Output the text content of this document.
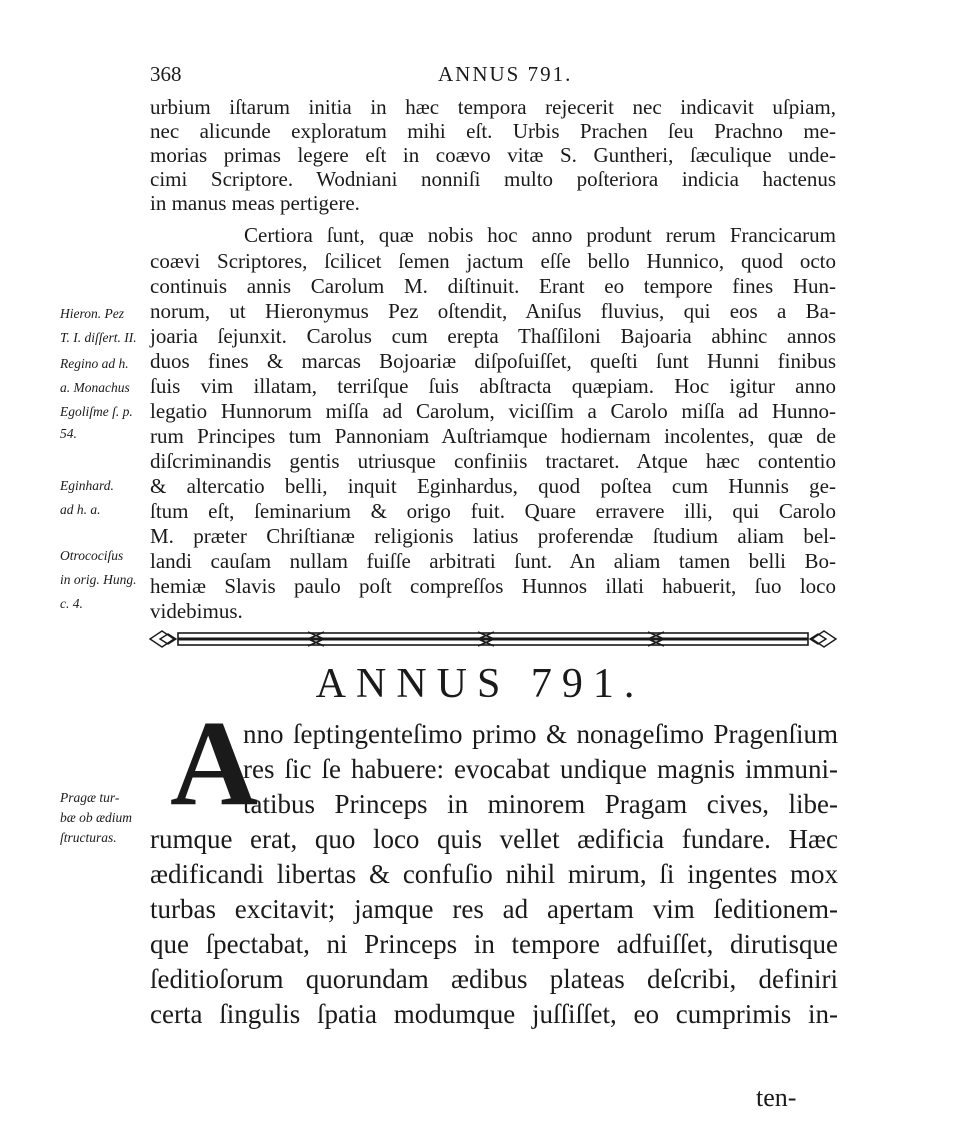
368	ANNUS 791.
urbium iſtarum initia in hæc tempora rejecerit nec indicavit uſpiam,
nec alicunde exploratum mihi eſt. Urbis Prachen ſeu Prachno me-
morias primas legere eſt in coævo vitæ S. Guntheri, ſæculique unde-
cimi Scriptore. Wodniani nonniſi multo poſteriora indicia hactenus
in manus meas pertigere.
Certiora ſunt, quæ nobis hoc anno produnt rerum Francicarum
coævi Scriptores, ſcilicet ſemen jactum eſſe bello Hunnico, quod octo
continuis annis Carolum M. diſtinuit. Erant eo tempore fines Hun-
norum, ut Hieronymus Pez oſtendit, Aniſus fluvius, qui eos a Ba-
joaria ſejunxit. Carolus cum erepta Thaſſiloni Bajoaria abhinc annos
duos fines & marcas Bojoariæ diſpoſuiſſet, queſti ſunt Hunni finibus
ſuis vim illatam, terriſque ſuis abſtracta quæpiam. Hoc igitur anno
legatio Hunnorum miſſa ad Carolum, viciſſim a Carolo miſſa ad Hunno-
rum Principes tum Pannoniam Auſtriamque hodiernam incolentes, quæ de
diſcriminandis gentis utriusque confiniis tractaret. Atque hæc contentio
& altercatio belli, inquit Eginhardus, quod poſtea cum Hunnis ge-
ſtum eſt, ſeminarium & origo fuit. Quare erravere illi, qui Carolo
M. præter Chriſtianæ religionis latius proferendæ ſtudium aliam bel-
landi cauſam nullam fuiſſe arbitrati ſunt. An aliam tamen belli Bo-
hemiæ Slavis paulo poſt compreſſos Hunnos illati habuerit, ſuo loco
videbimus.
Hieron. Pez
T. I. diſſert. II.
Regino ad h.
a. Monachus
Egoliſme ſ. p.
54.
Eginhard.
ad h. a.
Otrocociſus
in orig. Hung.
c. 4.
ANNUS 791.
A
nno ſeptingenteſimo primo & nonageſimo Pragenſium
res ſic ſe habuere: evocabat undique magnis immuni-
tatibus Princeps in minorem Pragam cives, libe-
rumque erat, quo loco quis vellet ædificia fundare. Hæc
ædificandi libertas & confuſio nihil mirum, ſi ingentes mox
turbas excitavit; jamque res ad apertam vim ſeditionem-
que ſpectabat, ni Princeps in tempore adfuiſſet, dirutisque
ſeditioſorum quorundam ædibus plateas deſcribi, definiri
certa ſingulis ſpatia modumque juſſiſſet, eo cumprimis in-
Pragæ tur-
bæ ob ædium
ſtructuras.
ten-
